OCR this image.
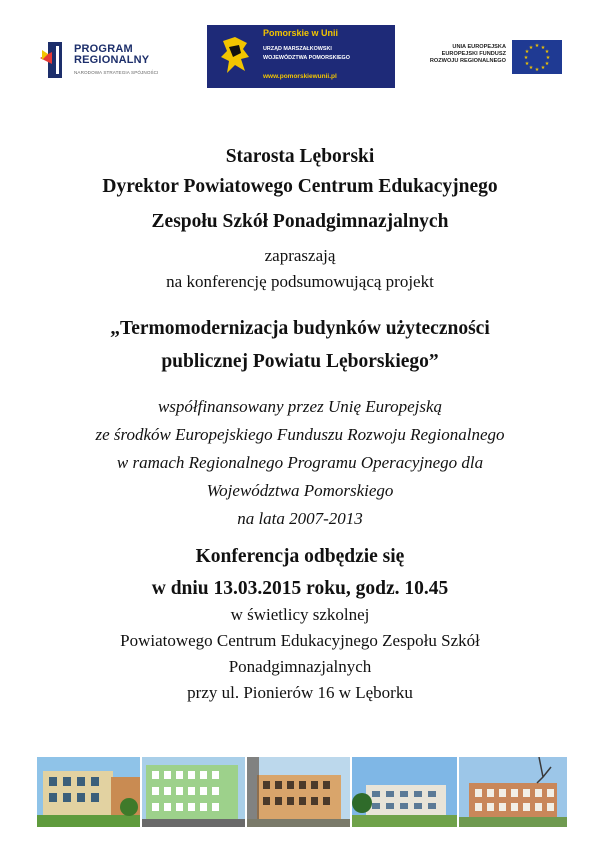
PROGRAM
REGIONALNY
NARODOWA STRATEGIA SPÓJNOŚCI
Pomorskie w Unii
URZĄD MARSZAŁKOWSKI
WOJEWÓDZTWA POMORSKIEGO
www.pomorskiewunii.pl
UNIA EUROPEJSKA
EUROPEJSKI FUNDUSZ
ROZWOJU REGIONALNEGO
★ ★
★
★
★
★
★
★
★
★
★
★
Starosta Lęborski
Dyrektor Powiatowego Centrum Edukacyjnego
Zespołu Szkół Ponadgimnazjalnych
zapraszają
na konferencję podsumowującą projekt
„Termomodernizacja budynków użyteczności
publicznej Powiatu Lęborskiego”
współfinansowany przez Unię Europejską
ze środków Europejskiego Funduszu Rozwoju Regionalnego
w ramach Regionalnego Programu Operacyjnego dla
Województwa Pomorskiego
na lata 2007-2013
Konferencja odbędzie się
w dniu 13.03.2015 roku, godz. 10.45
w świetlicy szkolnej
Powiatowego Centrum Edukacyjnego Zespołu Szkół
Ponadgimnazjalnych
przy ul. Pionierów 16 w Lęborku
